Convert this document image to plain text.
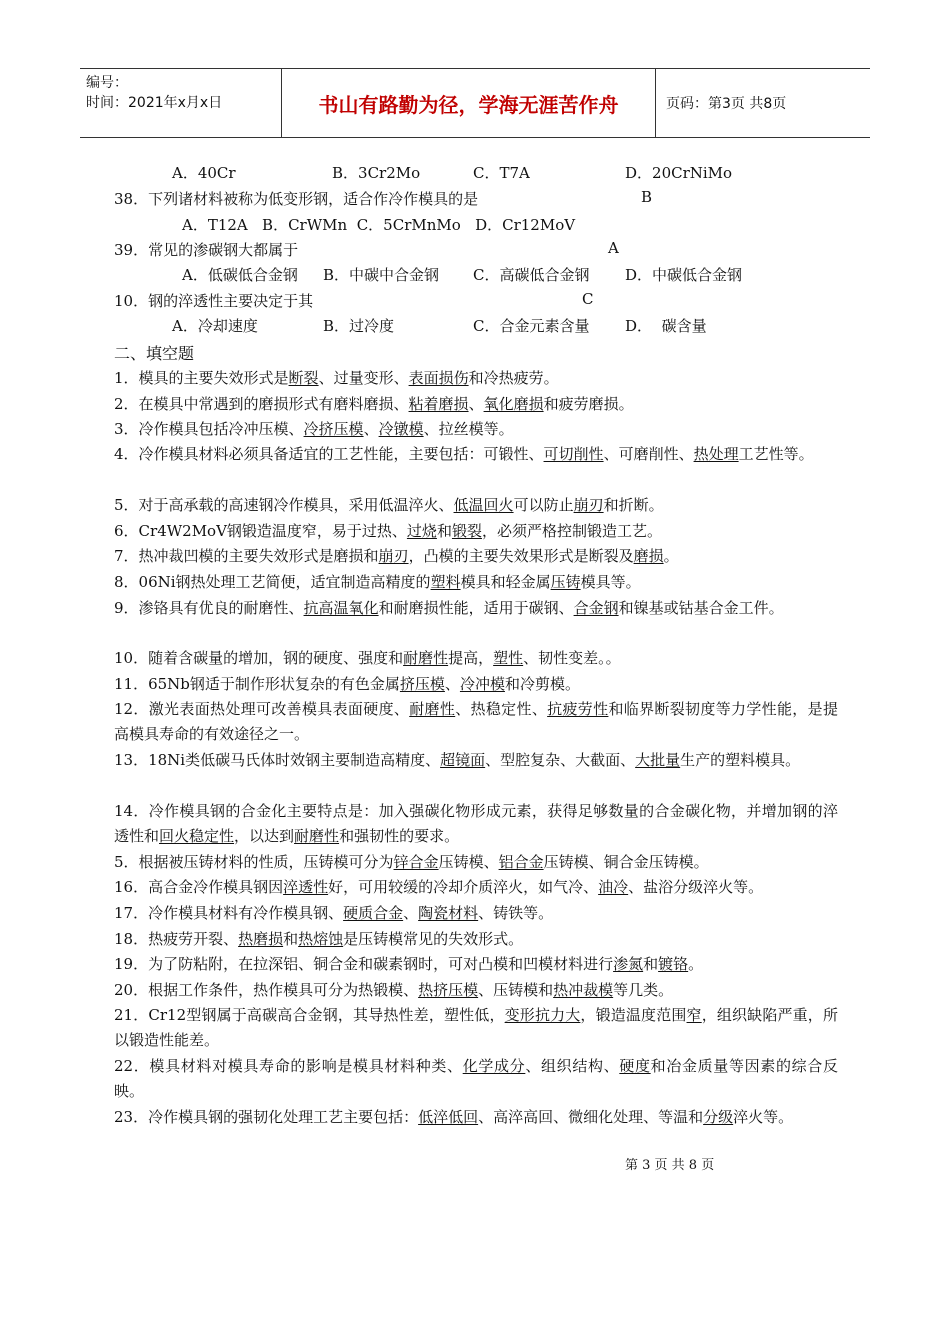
编号：
时间：2021年x月x日	书山有路勤为径，学海无涯苦作舟	页码：第3页 共8页
A．40Cr	B．3Cr2Mo	C．T7A	D．20CrNiMo
38．下列诸材料被称为低变形钢，适合作冷作模具的是	B
A．T12A   B．CrWMn  C．5CrMnMo   D．Cr12MoV
39．常见的渗碳钢大都属于	A
A．低碳低合金钢 B．中碳中合金钢 C．高碳低合金钢 D．中碳低合金钢
10．钢的淬透性主要决定于其	C
A．冷却速度	B．过冷度	C．合金元素含量 D．  碳含量
二、填空题
1．模具的主要失效形式是断裂、过量变形、表面损伤和冷热疲劳。
2．在模具中常遇到的磨损形式有磨料磨损、粘着磨损、氧化磨损和疲劳磨损。
3．冷作模具包括冷冲压模、冷挤压模、冷镦模、拉丝模等。
4．冷作模具材料必须具备适宜的工艺性能，主要包括：可锻性、可切削性、可磨削性、热处理工艺性等。
5．对于高承载的高速钢冷作模具，采用低温淬火、低温回火可以防止崩刃和折断。
6．Cr4W2MoV钢锻造温度窄，易于过热、过烧和锻裂，必须严格控制锻造工艺。
7．热冲裁凹模的主要失效形式是磨损和崩刃，凸模的主要失效果形式是断裂及磨损。
8．06Ni钢热处理工艺简便，适宜制造高精度的塑料模具和轻金属压铸模具等。
9．渗铬具有优良的耐磨性、抗高温氧化和耐磨损性能，适用于碳钢、合金钢和镍基或钴基合金工件。
10．随着含碳量的增加，钢的硬度、强度和耐磨性提高，塑性、韧性变差。。
11．65Nb钢适于制作形状复杂的有色金属挤压模、冷冲模和冷剪模。
12．激光表面热处理可改善模具表面硬度、耐磨性、热稳定性、抗疲劳性和临界断裂韧度等力学性能，是提高模具寿命的有效途径之一。
13．18Ni类低碳马氏体时效钢主要制造高精度、超镜面、型腔复杂、大截面、大批量生产的塑料模具。
14．冷作模具钢的合金化主要特点是：加入强碳化物形成元素，获得足够数量的合金碳化物，并增加钢的淬透性和回火稳定性，以达到耐磨性和强韧性的要求。
5．根据被压铸材料的性质，压铸模可分为锌合金压铸模、铝合金压铸模、铜合金压铸模。
16．高合金冷作模具钢因淬透性好，可用较缓的冷却介质淬火，如气冷、油冷、盐浴分级淬火等。
17．冷作模具材料有冷作模具钢、硬质合金、陶瓷材料、铸铁等。
18．热疲劳开裂、热磨损和热熔蚀是压铸模常见的失效形式。
19．为了防粘附，在拉深铝、铜合金和碳素钢时，可对凸模和凹模材料进行渗氮和镀铬。
20．根据工作条件，热作模具可分为热锻模、热挤压模、压铸模和热冲裁模等几类。
21．Cr12型钢属于高碳高合金钢，其导热性差，塑性低，变形抗力大，锻造温度范围窄，组织缺陷严重，所以锻造性能差。
22．模具材料对模具寿命的影响是模具材料种类、化学成分、组织结构、硬度和冶金质量等因素的综合反映。
23．冷作模具钢的强韧化处理工艺主要包括：低淬低回、高淬高回、微细化处理、等温和分级淬火等。
第 3 页 共 8 页
